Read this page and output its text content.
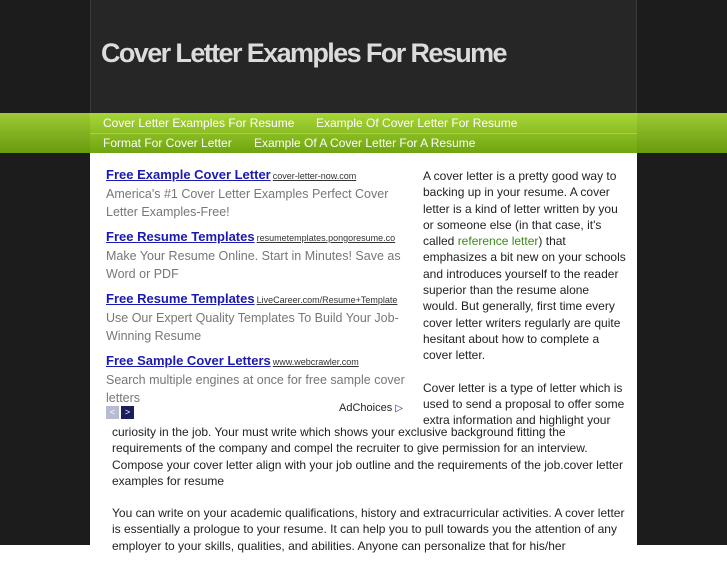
Cover Letter Examples For Resume
Cover Letter Examples For Resume Example Of Cover Letter For Resume
Format For Cover Letter Example Of A Cover Letter For A Resume
Free Example Cover Letter cover-letter-now.com
America's #1 Cover Letter Examples Perfect Cover Letter Examples-Free!
Free Resume Templates resumetemplates.pongoresume.co
Make Your Resume Online. Start in Minutes! Save as Word or PDF
Free Resume Templates LiveCareer.com/Resume+Template
Use Our Expert Quality Templates To Build Your Job-Winning Resume
Free Sample Cover Letters www.webcrawler.com
Search multiple engines at once for free sample cover letters
< >	AdChoices ▷

A cover letter is a pretty good way to backing up in your resume. A cover letter is a kind of letter written by you or someone else (in that case, it's called reference letter) that emphasizes a bit new on your schools and introduces yourself to the reader superior than the resume alone would. But generally, first time every cover letter writers regularly are quite hesitant about how to complete a cover letter.

Cover letter is a type of letter which is used to send a proposal to offer some extra information and highlight your

curiosity in the job. Your must write which shows your exclusive background fitting the requirements of the company and compel the recruiter to give permission for an interview. Compose your cover letter align with your job outline and the requirements of the job.cover letter examples for resume

You can write on your academic qualifications, history and extracurricular activities. A cover letter is essentially a prologue to your resume. It can help you to pull towards you the attention of any employer to your skills, qualities, and abilities. Anyone can personalize that for his/her
